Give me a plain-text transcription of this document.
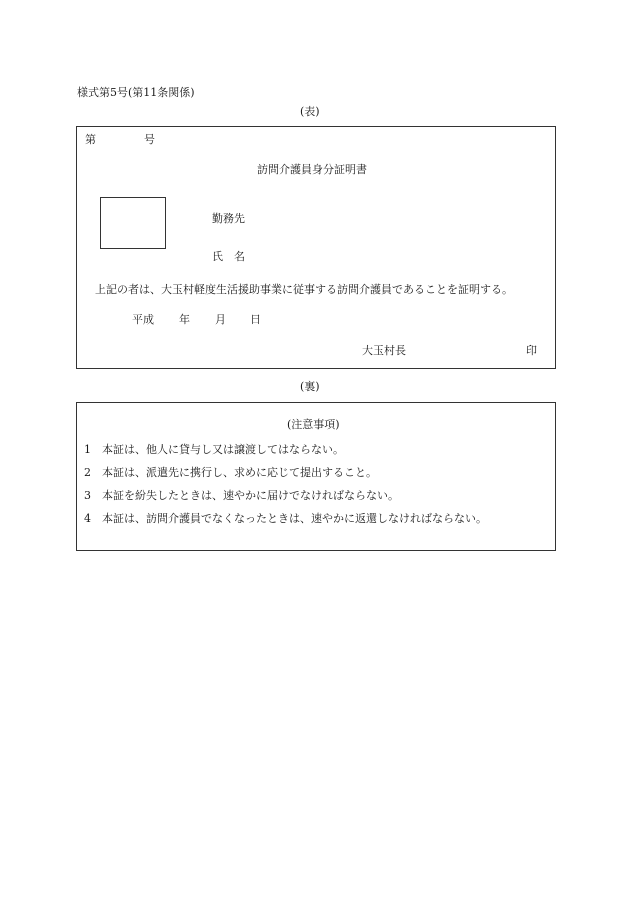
様式第5号(第11条関係)
(表)
第	号
訪問介護員身分証明書
勤務先
氏　名
上記の者は、大玉村軽度生活援助事業に従事する訪問介護員であることを証明する。
平成 年 月 日
大玉村長	印
(裏)
(注意事項)
1 本証は、他人に貸与し又は譲渡してはならない。
2 本証は、派遣先に携行し、求めに応じて提出すること。
3 本証を紛失したときは、速やかに届けでなければならない。
4 本証は、訪問介護員でなくなったときは、速やかに返還しなければならない。
